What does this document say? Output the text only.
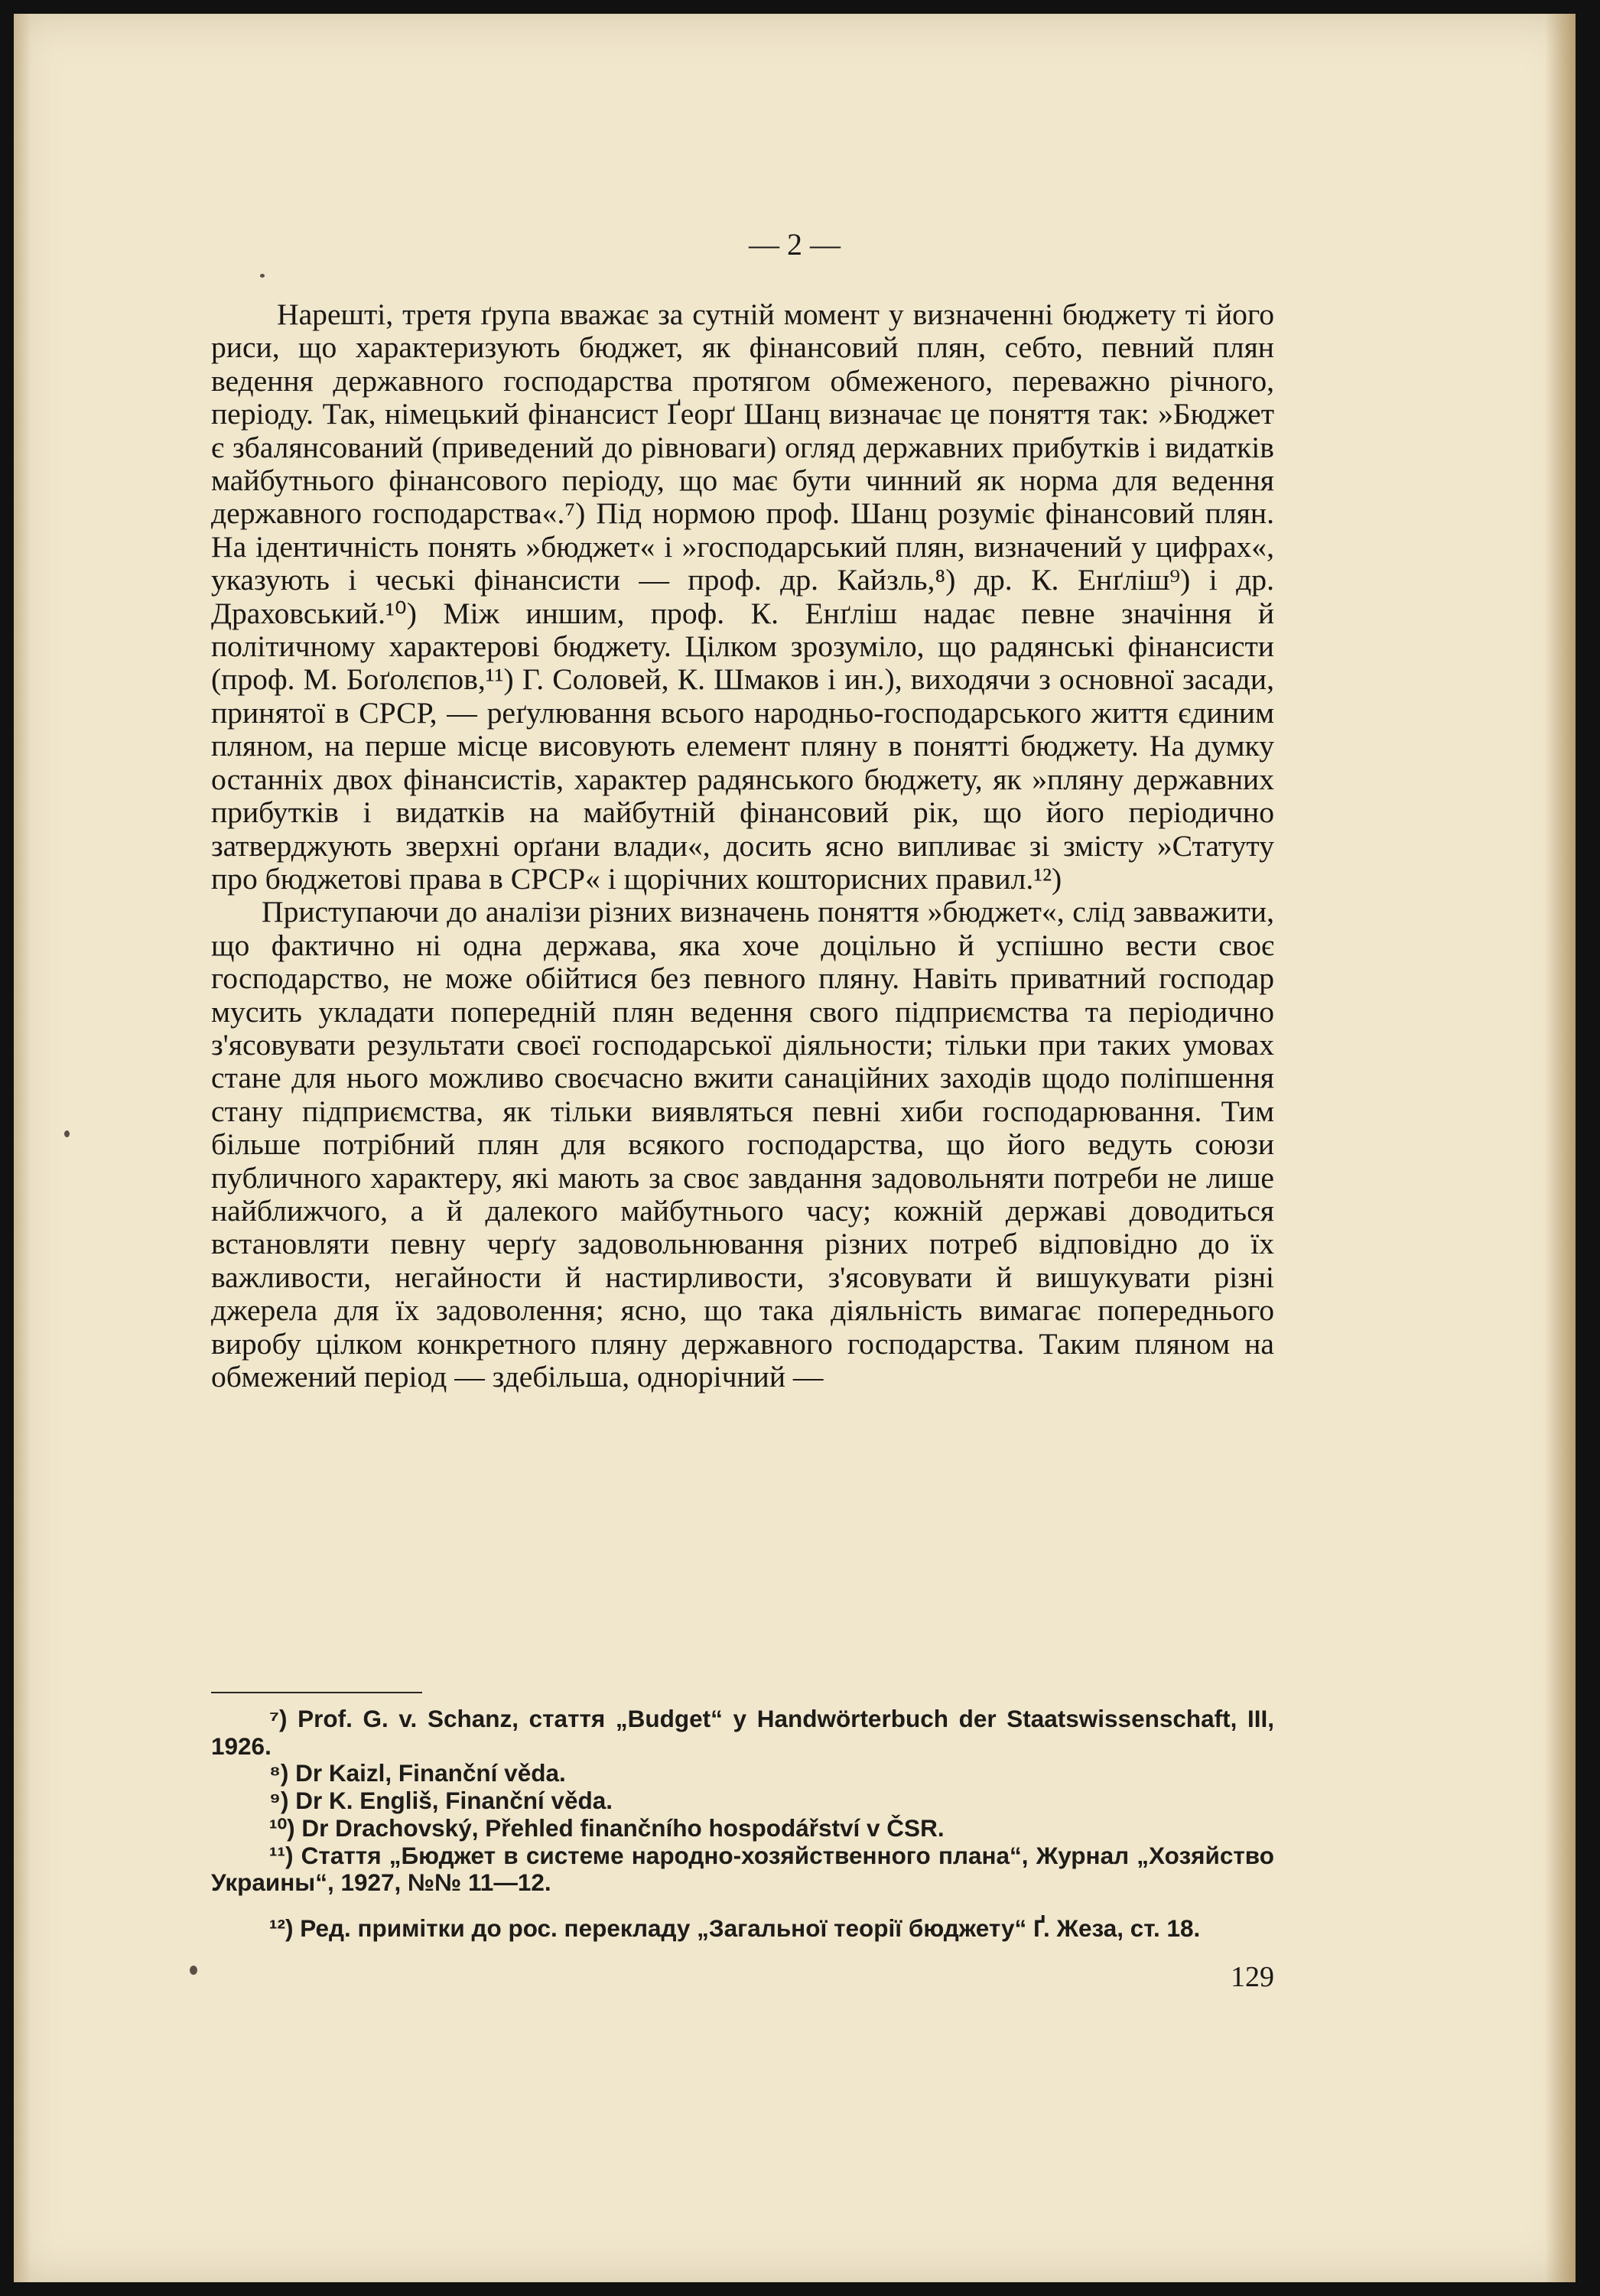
— 2 —

Нарешті, третя ґрупа вважає за сутній момент у визначенні бюджету ті його риси, що характеризують бюджет, як фінансовий плян, себто, певний плян ведення державного господарства протягом обмеженого, переважно річного, періоду. Так, німецький фінансист Ґеорґ Шанц визначає це поняття так: »Бюджет є збалянсований (приведений до рівноваги) огляд державних прибутків і видатків майбутнього фінансового періоду, що має бути чинний як норма для ведення державного господарства«.⁷) Під нормою проф. Шанц розуміє фінансовий плян. На ідентичність понять »бюджет« і »господарський плян, визначений у цифрах«, указують і чеські фінансисти — проф. др. Кайзль,⁸) др. К. Енґліш⁹) і др. Драховський.¹⁰) Між иншим, проф. К. Енґліш надає певне значіння й політичному характерові бюджету. Цілком зрозуміло, що радянські фінансисти (проф. М. Боґолєпов,¹¹) Г. Соловей, К. Шмаков і ин.), виходячи з основної засади, принятої в СРСР, — реґулювання всього народньо-господарського життя єдиним пляном, на перше місце висовують елемент пляну в понятті бюджету. На думку останніх двох фінансистів, характер радянського бюджету, як »пляну державних прибутків і видатків на майбутній фінансовий рік, що його періодично затверджують зверхні орґани влади«, досить ясно випливає зі змісту »Статуту про бюджетові права в СРСР« і щорічних кошторисних правил.¹²)

Приступаючи до аналізи різних визначень поняття »бюджет«, слід завважити, що фактично ні одна держава, яка хоче доцільно й успішно вести своє господарство, не може обійтися без певного пляну. Навіть приватний господар мусить укладати попередній плян ведення свого підприємства та періодично з'ясовувати результати своєї господарської діяльности; тільки при таких умовах стане для нього можливо своєчасно вжити санаційних заходів щодо поліпшення стану підприємства, як тільки виявляться певні хиби господарювання. Тим більше потрібний плян для всякого господарства, що його ведуть союзи публичного характеру, які мають за своє завдання задовольняти потреби не лише найближчого, а й далекого майбутнього часу; кожній державі доводиться встановляти певну черґу задовольнювання різних потреб відповідно до їх важливости, негайности й настирливости, з'ясовувати й вишукувати різні джерела для їх задоволення; ясно, що така діяльність вимагає попереднього виробу цілком конкретного пляну державного господарства. Таким пляном на обмежений період — здебільша, однорічний —

⁷) Prof. G. v. Schanz, стаття „Budget“ у Handwörterbuch der Staatswissenschaft, III, 1926.

⁸) Dr Kaizl, Finanční věda.

⁹) Dr K. Engliš, Finanční věda.

¹⁰) Dr Drachovský, Přehled finančního hospodářství v ČSR.

¹¹) Стаття „Бюджет в системе народно-хозяйственного плана“, Журнал „Хозяйство Украины“, 1927, №№ 11—12.

¹²) Ред. примітки до рос. перекладу „Загальної теорії бюджету“ Ґ. Жеза, ст. 18.

129
